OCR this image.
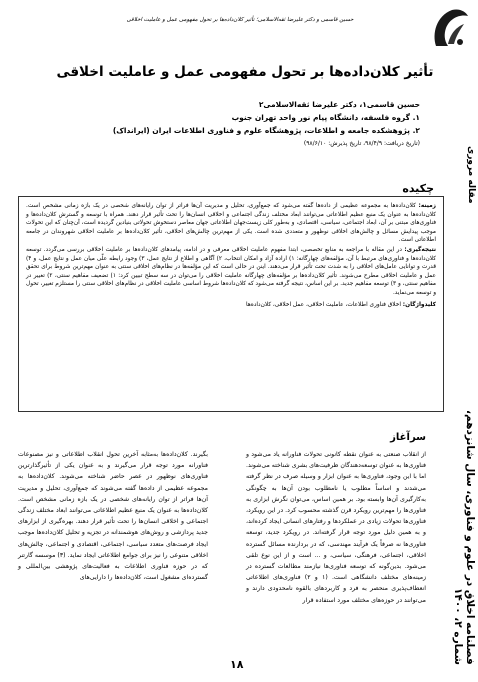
حسین قاسمی و دکتر علیرضا ثقه‌الاسلامی؛ تأثیر کلان‌داده‌ها بر تحول مفهومی عمل و عاملیت اخلاقی
تأثیر کلان‌داده‌ها بر تحول مفهومی عمل و عاملیت اخلاقی
حسین قاسمی۱، دکتر علیرضا ثقه‌الاسلامی۲
۱. گروه فلسفه، دانشگاه پیام نور واحد تهران جنوب
۲. پژوهشکده جامعه و اطلاعات، پژوهشگاه علوم و فناوری اطلاعات ایران (ایرانداک)
(تاریخ دریافت: ۹۸/۴/۹، تاریخ پذیرش: ۹۸/۶/۱۰)
مقاله مروری
چکیده

زمینه: کلان‌داده‌ها به مجموعه عظیمی از داده‌ها گفته می‌شود که جمع‌آوری، تحلیل و مدیریت آن‌ها فراتر از توان رایانه‌های شخصی در یک بازه زمانی مشخص است. کلان‌داده‌ها به عنوان یک منبع عظیم اطلاعاتی می‌توانند ابعاد مختلف زندگی اجتماعی و اخلاقی انسان‌ها را تحت تأثیر قرار دهند. همراه با توسعه و گسترش کلان‌داده‌ها و فناوری‌های مبتنی بر آن، ابعاد اجتماعی، سیاسی، اقتصادی، و به‌طور کلی زیست‌جهان اطلاعاتی جهان معاصر دستخوش تحولاتی بنیادین گردیده است، آن‌چنان که این تحولات موجب پیدایش مسائل و چالش‌های اخلاقی نوظهور و متعددی شده است. یکی از مهم‌ترین چالش‌های اخلاقی، تأثیر کلان‌داده‌ها بر عاملیت اخلاقی شهروندان در جامعه اطلاعاتی است.

نتیجه‌گیری: در این مقاله با مراجعه به منابع تخصصی، ابتدا مفهوم عاملیت اخلاقی معرفی و در ادامه، پیامدهای کلان‌داده‌ها بر عاملیت اخلاقی بررسی می‌گردد. توسعه کلان‌داده‌ها و فناوری‌های مرتبط با آن، مؤلفه‌های چهارگانه: ۱) اراده آزاد و امکان انتخاب، ۲) آگاهی و اطلاع از نتایج عمل، ۳) وجود رابطه علّی میان عمل و نتایج عمل، و ۴) قدرت و توانایی عامل‌های اخلاقی را به شدت تحت تأثیر قرار می‌دهند. اینن در حالی است که این مؤلفه‌ها در نظام‌های اخلاقی سنتی به عنوان مهم‌ترین شروط برای تحقق عمل و عاملیت اخلاقی مطرح می‌شوند. تأثیر کلان‌داده‌ها بر مؤلفه‌های چهارگانه عاملیت اخلاقی را می‌توان در سه سطح تبیین کرد: ۱) تضعیف مفاهیم سنتی، ۲) تغییر در مفاهیم سنتی، و ۳) توسعه مفاهیم جدید. بر این اساس، نتیجه گرفته می‌شود که کلان‌داده‌ها شروط اساسی عاملیت اخلاقی در نظام‌های اخلاقی سنتی را مستلزم تغییر، تحول و توسعه می‌نماید.

کلیدواژگان: اخلاق فناوری اطلاعات، عاملیت اخلاقی، عمل اخلاقی، کلان‌داده‌ها

فصلنامه اخلاق در علوم و فناوری، سال شانزدهم، شماره ۲، ۱۴۰۰
سرآغاز

از انقلاب صنعتی به عنوان نقطه کانونی تحولات فناورانه یاد می‌شود و فناوری‌ها به عنوان توسعه‌دهندگان ظرفیت‌های بشری شناخته می‌شوند. اما با این وجود، فناوری‌ها به عنوان ابزار و وسیله صرف در نظر گرفته می‌شدند و اساساً مطلوب یا نامطلوب بودن آن‌ها به چگونگی به‌کارگیری آن‌ها وابسته بود. بر همین اساس، می‌توان نگرش ابزاری به فناوری‌ها را مهم‌ترین رویکرد قرن گذشته محسوب کرد. در این رویکرد، فناوری‌ها تحولات زیادی در عملکردها و رفتارهای انسانی ایجاد کرده‌اند، و به همین دلیل مورد توجه قرار گرفته‌اند. در رویکرد جدید، توسعه فناوری‌ها نه صرفاً یک فرآیند مهندسی، که در بردارنده مسائل گسترده اخلاقی، اجتماعی، فرهنگی، سیاسی، و ... است و از این نوع تلقی می‌شود. بدین‌گونه که توسعه فناوری‌ها نیازمند مطالعات گسترده در زمینه‌های مختلف دانشگاهی است. (۱ و ۲) فناوری‌های اطلاعاتی انعطاف‌پذیری منحصر به فرد و کاربردهای بالقوه نامحدودی دارند و می‌توانند در حوزه‌های مختلف مورد استفاده قرار

بگیرند. کلان‌داده‌ها به‌مثابه آخرین تحول انقلاب اطلاعاتی و نیز مصنوعات فناورانه مورد توجه قرار می‌گیرند و به عنوان یکی از تأثیرگذارترین فناوری‌های نوظهور در عصر حاضر شناخته می‌شوند. کلان‌داده‌ها به مجموعه عظیمی از داده‌ها گفته می‌شوند که جمع‌آوری، تحلیل و مدیریت آن‌ها فراتر از توان رایانه‌های شخصی در یک بازه زمانی مشخص است. کلان‌داده‌ها به عنوان یک منبع عظیم اطلاعاتی می‌توانند ابعاد مختلف زندگی اجتماعی و اخلاقی انسان‌ها را تحت تأثیر قرار دهند. بهره‌گیری از ابزارهای جدید پردازشی و روش‌های هوشمندانه در تجزیه و تحلیل کلان‌داده‌ها موجب ایجاد فرصت‌های متعدد سیاسی، اجتماعی، اقتصادی و اجتماعی، چالش‌های اخلاقی متنوعی را نیز برای جوامع اطلاعاتی ایجاد نماید. (۳) موسسه گارتنر که در حوزه فناوری اطلاعات به فعالیت‌های پژوهشی بین‌المللی و گسترده‌ای مشغول است، کلان‌داده‌ها را دارایی‌های

۱۸
